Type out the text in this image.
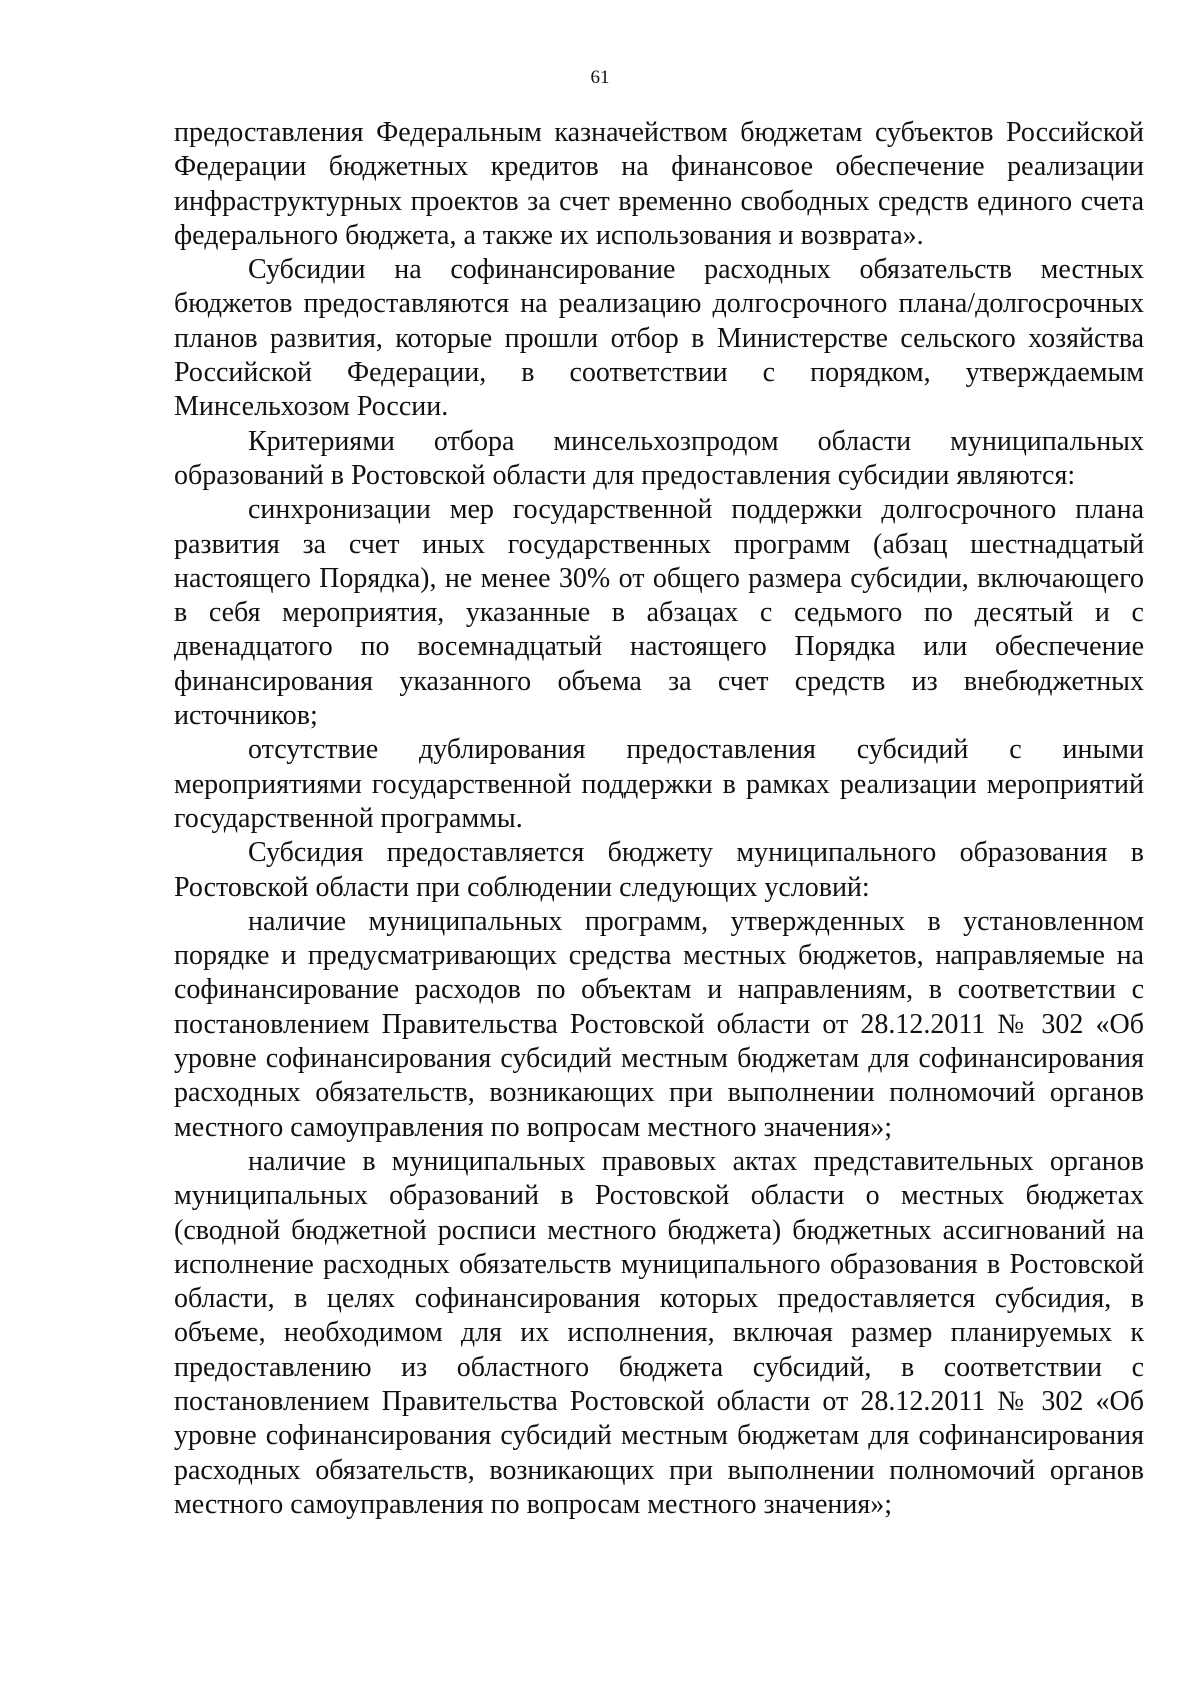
61

предоставления Федеральным казначейством бюджетам субъектов Российской Федерации бюджетных кредитов на финансовое обеспечение реализации инфраструктурных проектов за счет временно свободных средств единого счета федерального бюджета, а также их использования и возврата».

Субсидии на софинансирование расходных обязательств местных бюджетов предоставляются на реализацию долгосрочного плана/долгосрочных планов развития, которые прошли отбор в Министерстве сельского хозяйства Российской Федерации, в соответствии с порядком, утверждаемым Минсельхозом России.

Критериями отбора минсельхозпродом области муниципальных образований в Ростовской области для предоставления субсидии являются:

синхронизации мер государственной поддержки долгосрочного плана развития за счет иных государственных программ (абзац шестнадцатый настоящего Порядка), не менее 30% от общего размера субсидии, включающего в себя мероприятия, указанные в абзацах с седьмого по десятый и с двенадцатого по восемнадцатый настоящего Порядка или обеспечение финансирования указанного объема за счет средств из внебюджетных источников;

отсутствие дублирования предоставления субсидий с иными мероприятиями государственной поддержки в рамках реализации мероприятий государственной программы.

Субсидия предоставляется бюджету муниципального образования в Ростовской области при соблюдении следующих условий:

наличие муниципальных программ, утвержденных в установленном порядке и предусматривающих средства местных бюджетов, направляемые на софинансирование расходов по объектам и направлениям, в соответствии с постановлением Правительства Ростовской области от 28.12.2011 № 302 «Об уровне софинансирования субсидий местным бюджетам для софинансирования расходных обязательств, возникающих при выполнении полномочий органов местного самоуправления по вопросам местного значения»;

наличие в муниципальных правовых актах представительных органов муниципальных образований в Ростовской области о местных бюджетах (сводной бюджетной росписи местного бюджета) бюджетных ассигнований на исполнение расходных обязательств муниципального образования в Ростовской области, в целях софинансирования которых предоставляется субсидия, в объеме, необходимом для их исполнения, включая размер планируемых к предоставлению из областного бюджета субсидий, в соответствии с постановлением Правительства Ростовской области от 28.12.2011 № 302 «Об уровне софинансирования субсидий местным бюджетам для софинансирования расходных обязательств, возникающих при выполнении полномочий органов местного самоуправления по вопросам местного значения»;
